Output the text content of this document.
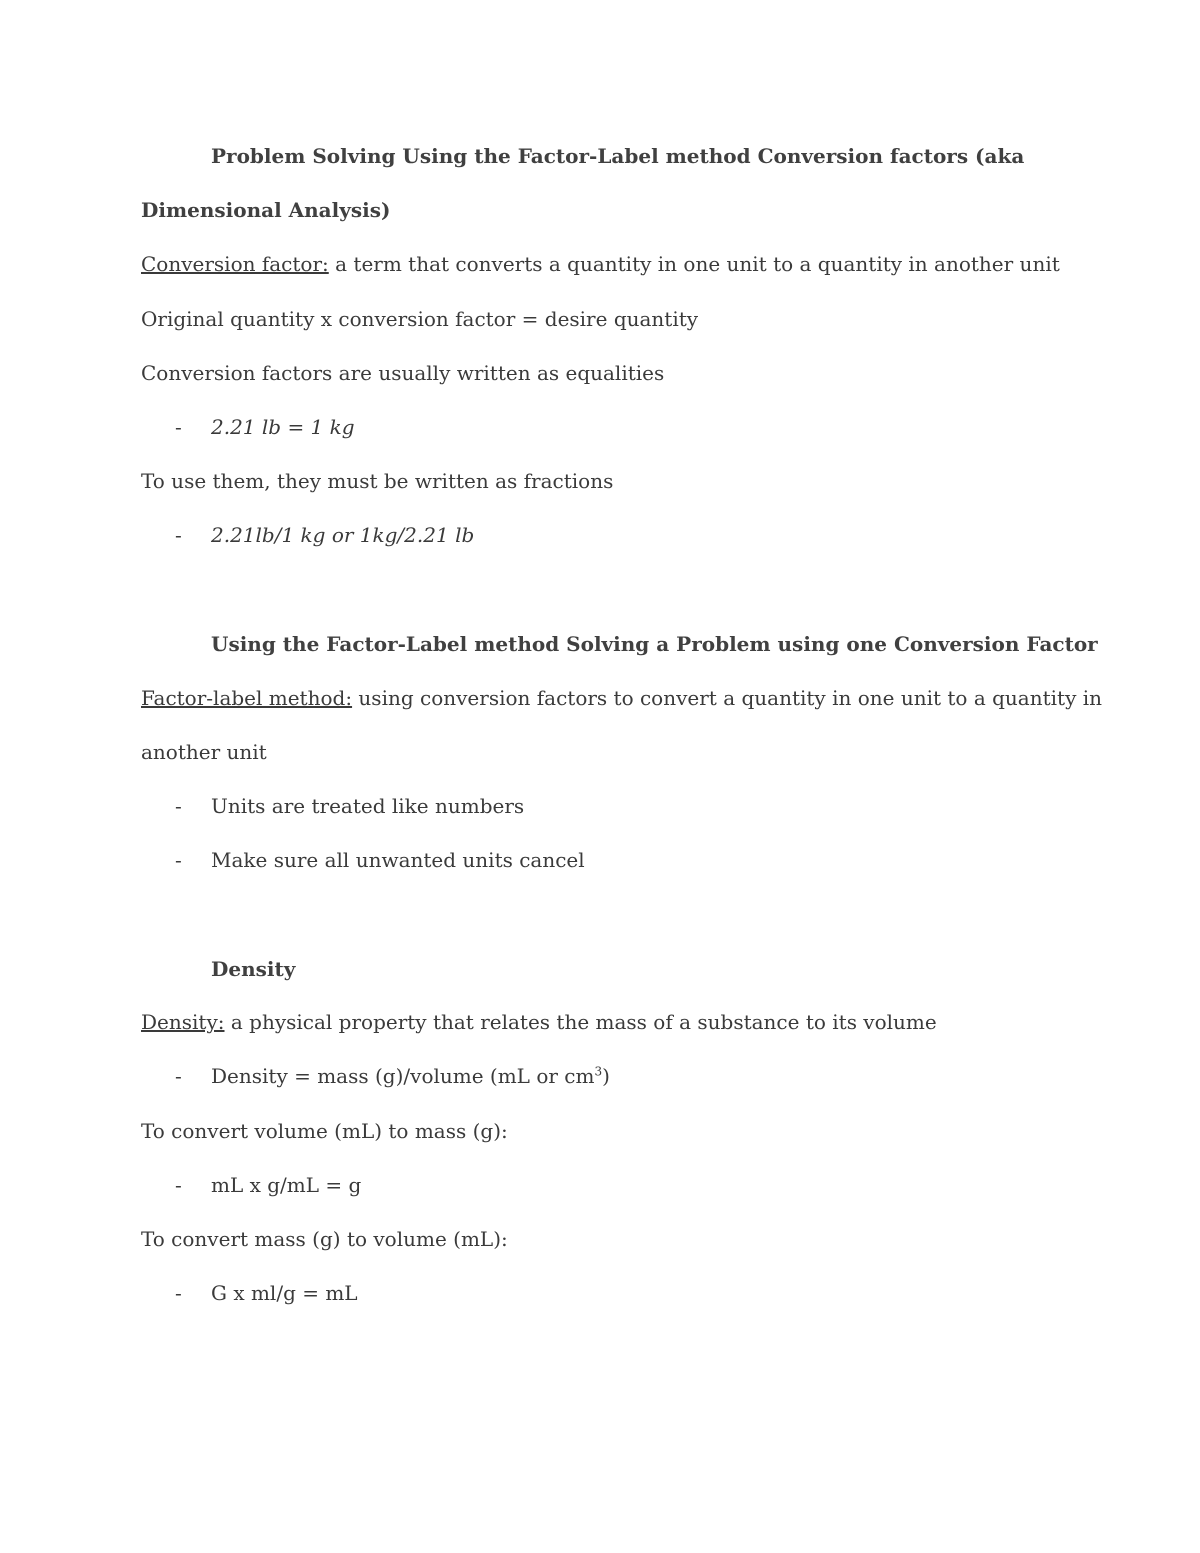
Problem Solving Using the Factor-Label method Conversion factors (aka
Dimensional Analysis)
Conversion factor: a term that converts a quantity in one unit to a quantity in another unit
Original quantity x conversion factor = desire quantity
Conversion factors are usually written as equalities
- 2.21 lb = 1 kg
To use them, they must be written as fractions
- 2.21lb/1 kg or 1kg/2.21 lb
Using the Factor-Label method Solving a Problem using one Conversion Factor
Factor-label method: using conversion factors to convert a quantity in one unit to a quantity in
another unit
- Units are treated like numbers
- Make sure all unwanted units cancel
Density
Density: a physical property that relates the mass of a substance to its volume
- Density = mass (g)/volume (mL or $cm^3$)
To convert volume (mL) to mass (g):
- mL x g/mL = g
To convert mass (g) to volume (mL):
- G x ml/g = mL
